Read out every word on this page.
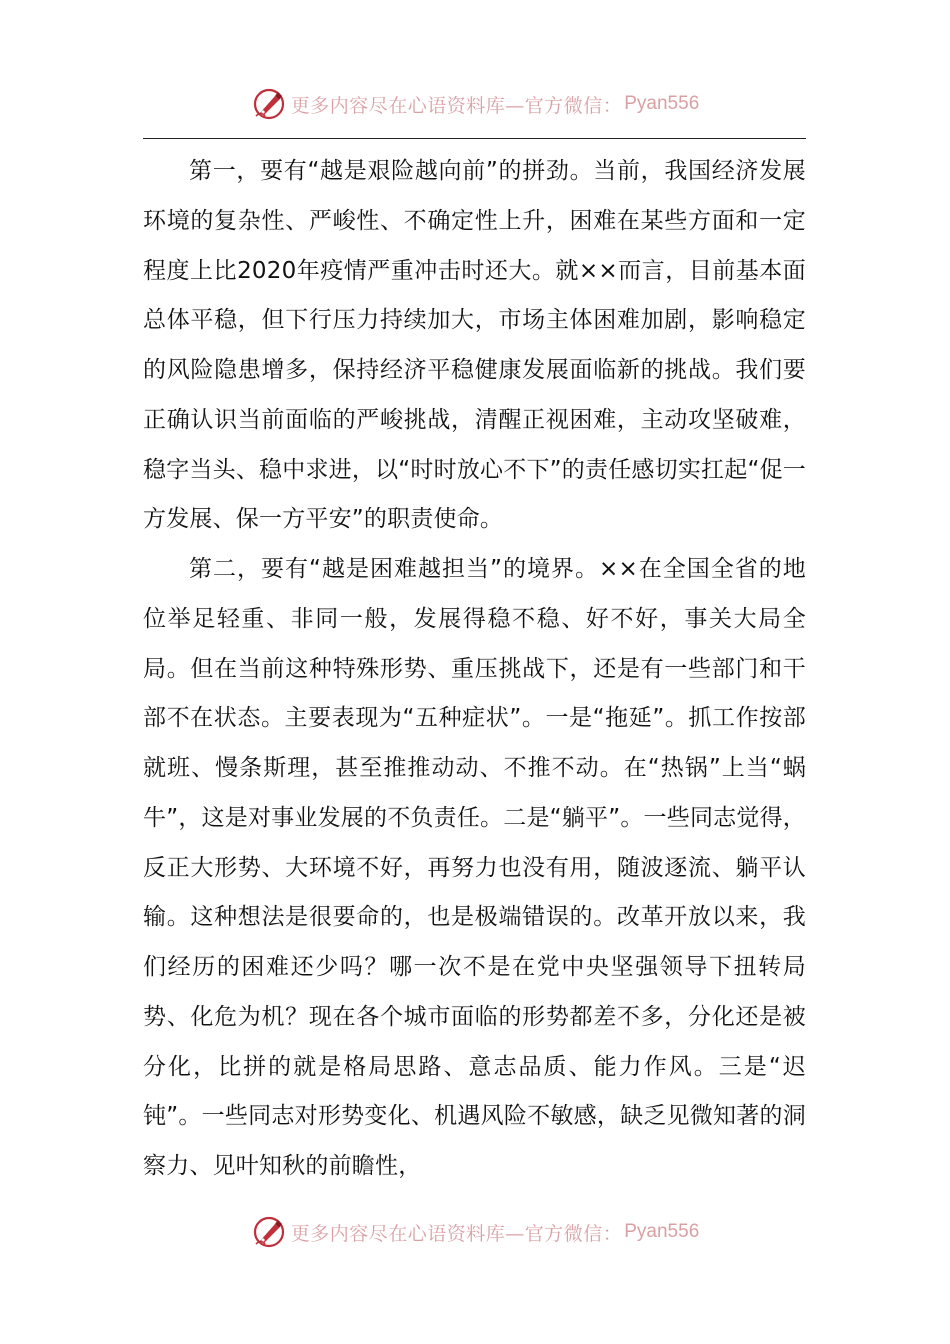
更多内容尽在心语资料库—官方微信： Pyan556

第一，要有“越是艰险越向前”的拼劲。当前，我国经济发展环境的复杂性、严峻性、不确定性上升，困难在某些方面和一定程度上比2020年疫情严重冲击时还大。就××而言，目前基本面总体平稳，但下行压力持续加大，市场主体困难加剧，影响稳定的风险隐患增多，保持经济平稳健康发展面临新的挑战。我们要正确认识当前面临的严峻挑战，清醒正视困难，主动攻坚破难，稳字当头、稳中求进，以“时时放心不下”的责任感切实扛起“促一方发展、保一方平安”的职责使命。

第二，要有“越是困难越担当”的境界。××在全国全省的地位举足轻重、非同一般，发展得稳不稳、好不好，事关大局全局。但在当前这种特殊形势、重压挑战下，还是有一些部门和干部不在状态。主要表现为“五种症状”。一是“拖延”。抓工作按部就班、慢条斯理，甚至推推动动、不推不动。在“热锅”上当“蜗牛”，这是对事业发展的不负责任。二是“躺平”。一些同志觉得，反正大形势、大环境不好，再努力也没有用，随波逐流、躺平认输。这种想法是很要命的，也是极端错误的。改革开放以来，我们经历的困难还少吗？哪一次不是在党中央坚强领导下扭转局势、化危为机？现在各个城市面临的形势都差不多，分化还是被分化，比拼的就是格局思路、意志品质、能力作风。三是“迟钝”。一些同志对形势变化、机遇风险不敏感，缺乏见微知著的洞察力、见叶知秋的前瞻性，

更多内容尽在心语资料库—官方微信： Pyan556
